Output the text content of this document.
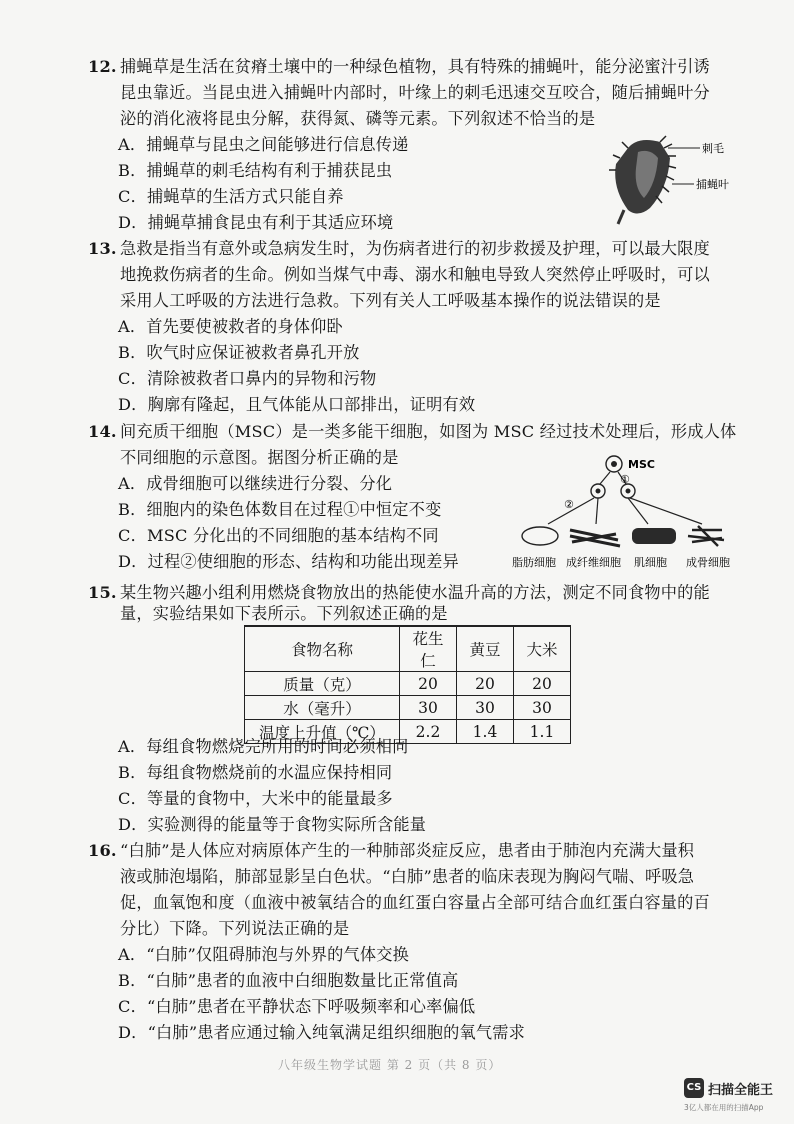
12. 捕蝇草是生活在贫瘠土壤中的一种绿色植物，具有特殊的捕蝇叶，能分泌蜜汁引诱
昆虫靠近。当昆虫进入捕蝇叶内部时，叶缘上的刺毛迅速交互咬合，随后捕蝇叶分
泌的消化液将昆虫分解，获得氮、磷等元素。下列叙述不恰当的是
A．捕蝇草与昆虫之间能够进行信息传递
B．捕蝇草的刺毛结构有利于捕获昆虫
C．捕蝇草的生活方式只能自养
D．捕蝇草捕食昆虫有利于其适应环境
刺毛
捕蝇叶
13. 急救是指当有意外或急病发生时，为伤病者进行的初步救援及护理，可以最大限度
地挽救伤病者的生命。例如当煤气中毒、溺水和触电导致人突然停止呼吸时，可以
采用人工呼吸的方法进行急救。下列有关人工呼吸基本操作的说法错误的是
A．首先要使被救者的身体仰卧
B．吹气时应保证被救者鼻孔开放
C．清除被救者口鼻内的异物和污物
D．胸廓有隆起，且气体能从口部排出，证明有效
14. 间充质干细胞（MSC）是一类多能干细胞，如图为 MSC 经过技术处理后，形成人体
不同细胞的示意图。据图分析正确的是
A．成骨细胞可以继续进行分裂、分化
B．细胞内的染色体数目在过程①中恒定不变
C．MSC 分化出的不同细胞的基本结构不同
D．过程②使细胞的形态、结构和功能出现差异
MSC
①
②
脂肪细胞 成纤维细胞 肌细胞 成骨细胞
15. 某生物兴趣小组利用燃烧食物放出的热能使水温升高的方法，测定不同食物中的能
量，实验结果如下表所示。下列叙述正确的是
食物名称	花生仁	黄豆	大米
质量（克）	20	20	20
水（毫升）	30	30	30
温度上升值（℃）	2.2	1.4	1.1
A．每组食物燃烧完所用的时间必须相同
B．每组食物燃烧前的水温应保持相同
C．等量的食物中，大米中的能量最多
D．实验测得的能量等于食物实际所含能量
16. “白肺”是人体应对病原体产生的一种肺部炎症反应，患者由于肺泡内充满大量积
液或肺泡塌陷，肺部显影呈白色状。“白肺”患者的临床表现为胸闷气喘、呼吸急
促，血氧饱和度（血液中被氧结合的血红蛋白容量占全部可结合血红蛋白容量的百
分比）下降。下列说法正确的是
A．“白肺”仅阻碍肺泡与外界的气体交换
B．“白肺”患者的血液中白细胞数量比正常值高
C．“白肺”患者在平静状态下呼吸频率和心率偏低
D．“白肺”患者应通过输入纯氧满足组织细胞的氧气需求
八年级生物学试题 第 2 页（共 8 页）
CS 扫描全能王
3亿人都在用的扫描App
